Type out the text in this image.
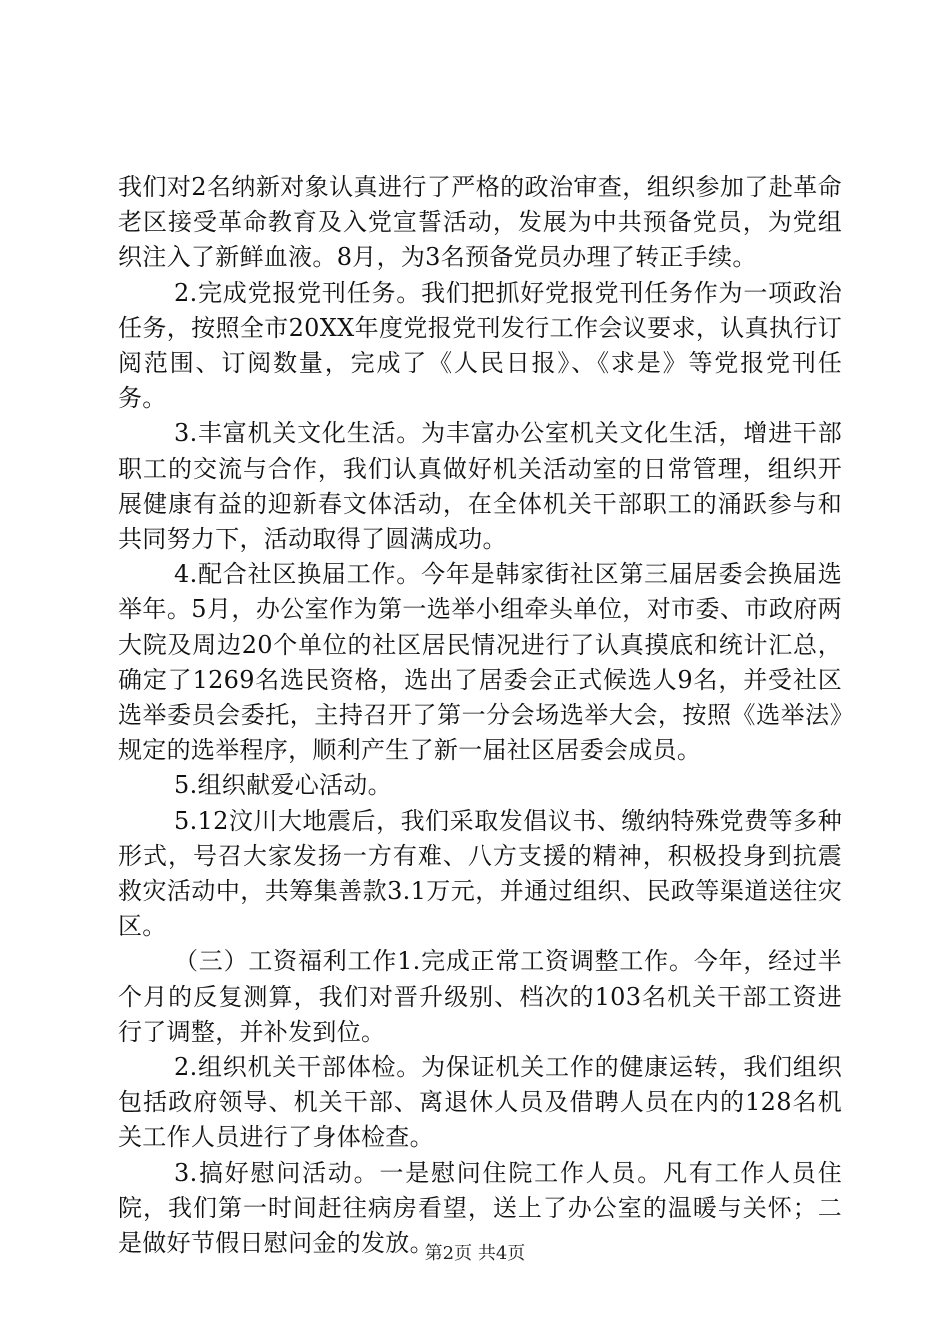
我们对2名纳新对象认真进行了严格的政治审查，组织参加了赴革命老区接受革命教育及入党宣誓活动，发展为中共预备党员，为党组织注入了新鲜血液。8月，为3名预备党员办理了转正手续。

2.完成党报党刊任务。我们把抓好党报党刊任务作为一项政治任务，按照全市20XX年度党报党刊发行工作会议要求，认真执行订阅范围、订阅数量，完成了《人民日报》、《求是》等党报党刊任务。

3.丰富机关文化生活。为丰富办公室机关文化生活，增进干部职工的交流与合作，我们认真做好机关活动室的日常管理，组织开展健康有益的迎新春文体活动，在全体机关干部职工的涌跃参与和共同努力下，活动取得了圆满成功。

4.配合社区换届工作。今年是韩家街社区第三届居委会换届选举年。5月，办公室作为第一选举小组牵头单位，对市委、市政府两大院及周边20个单位的社区居民情况进行了认真摸底和统计汇总，确定了1269名选民资格，选出了居委会正式候选人9名，并受社区选举委员会委托，主持召开了第一分会场选举大会，按照《选举法》规定的选举程序，顺利产生了新一届社区居委会成员。

5.组织献爱心活动。

5.12汶川大地震后，我们采取发倡议书、缴纳特殊党费等多种形式，号召大家发扬一方有难、八方支援的精神，积极投身到抗震救灾活动中，共筹集善款3.1万元，并通过组织、民政等渠道送往灾区。

（三）工资福利工作1.完成正常工资调整工作。今年，经过半个月的反复测算，我们对晋升级别、档次的103名机关干部工资进行了调整，并补发到位。

2.组织机关干部体检。为保证机关工作的健康运转，我们组织包括政府领导、机关干部、离退休人员及借聘人员在内的128名机关工作人员进行了身体检查。

3.搞好慰问活动。一是慰问住院工作人员。凡有工作人员住院，我们第一时间赶往病房看望，送上了办公室的温暖与关怀；二是做好节假日慰问金的发放。

第2页 共4页
